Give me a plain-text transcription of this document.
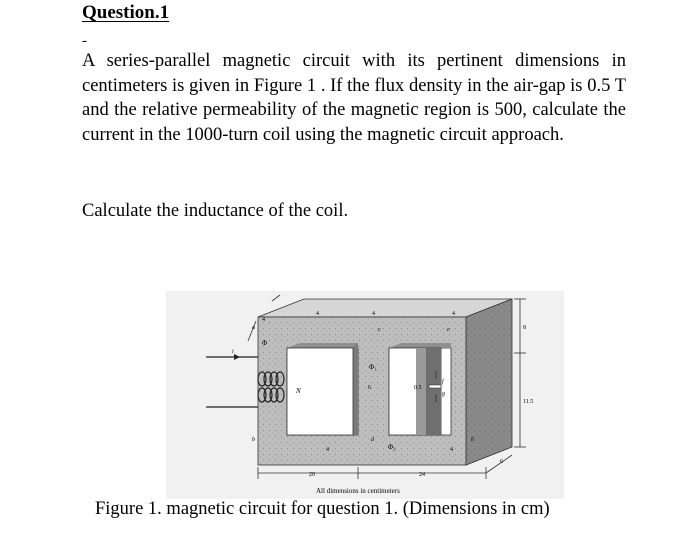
Question.1
-

A series-parallel magnetic circuit with its pertinent dimensions in centimeters is given in Figure 1 . If the flux density in the air-gap is 0.5 T and the relative permeability of the magnetic region is 500, calculate the current in the 1000-turn coil using the magnetic circuit approach.

Calculate the inductance of the coil.

a
b
c
d
e
f
g
h
i
N
Φ
Φ₁
Φ₂
4	4	4
4	4
4
6	0.5
8
11.5
20	24
6
All dimensions in centimeters

Figure 1. magnetic circuit for question 1. (Dimensions in cm)
